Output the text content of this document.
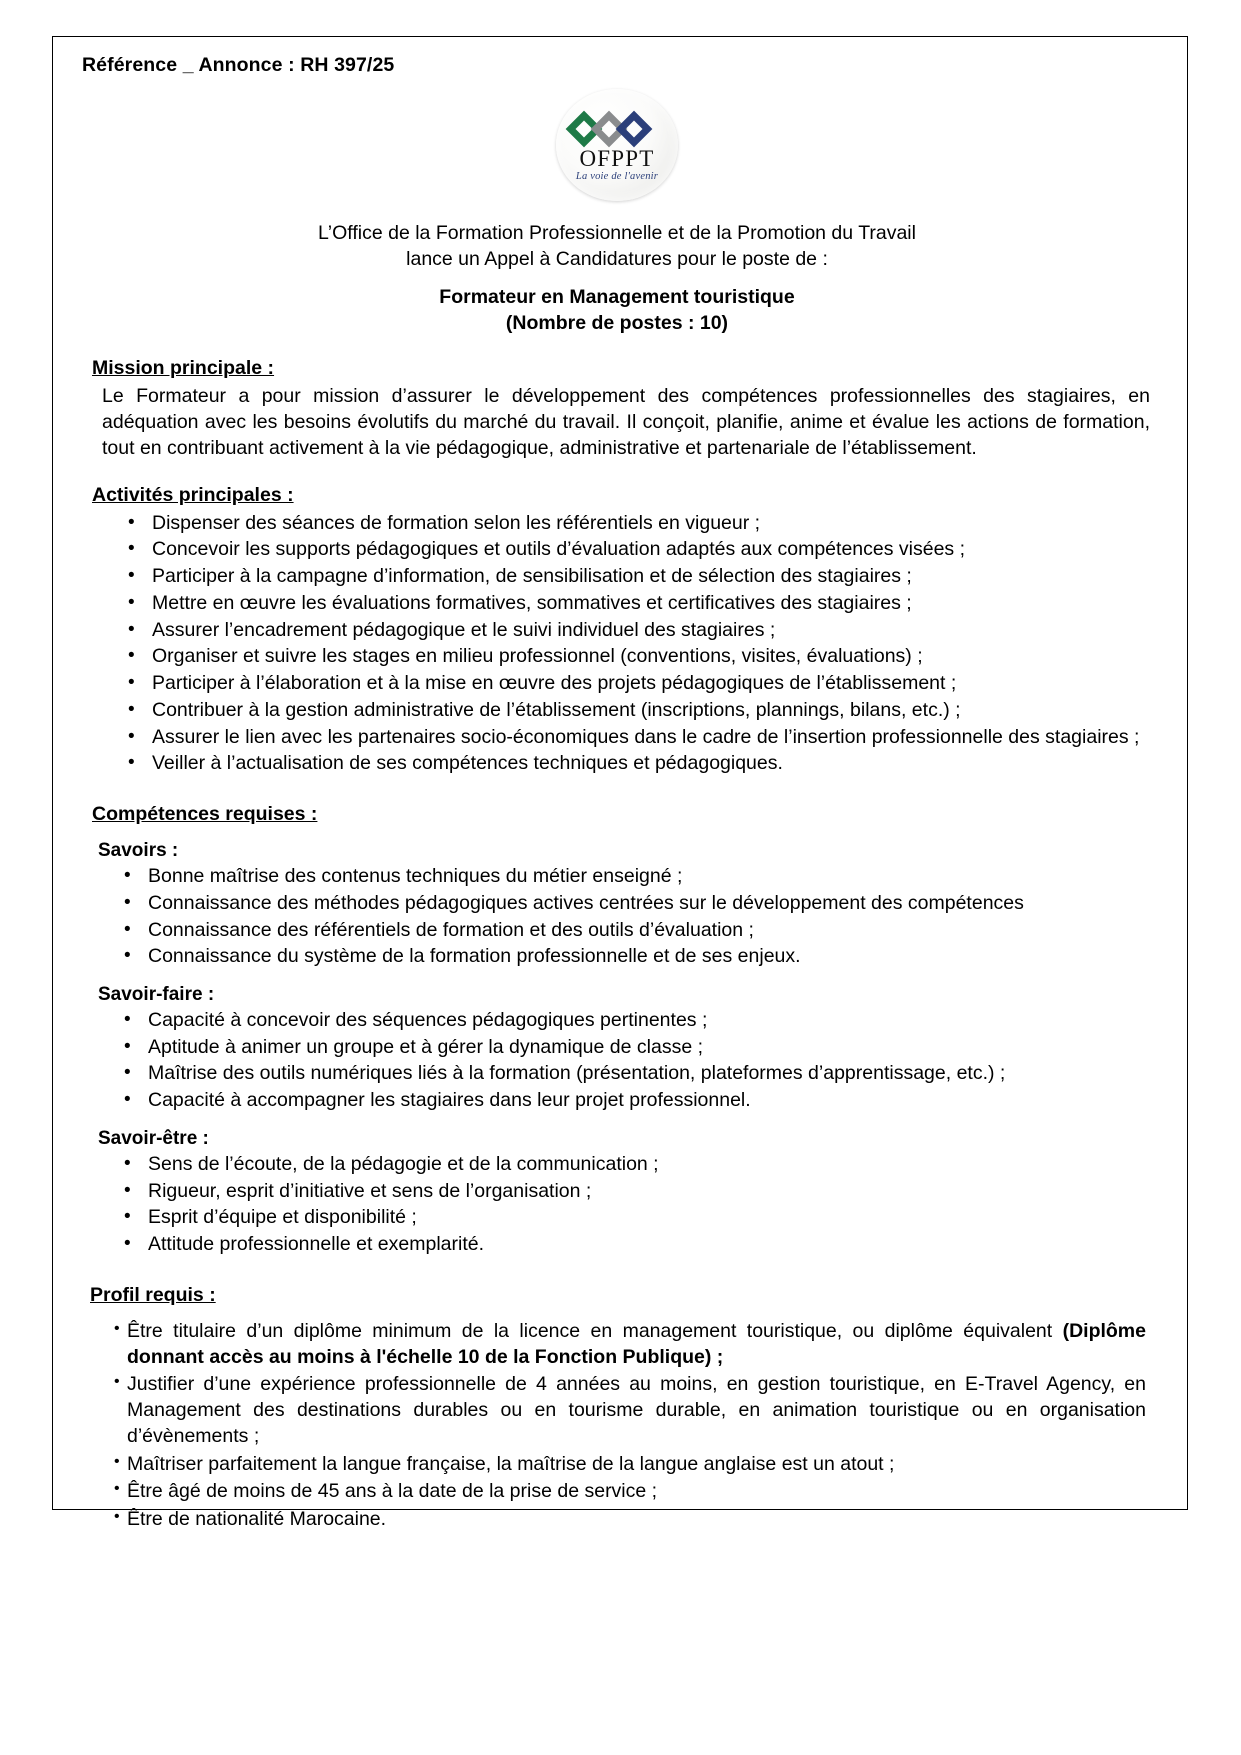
Référence _ Annonce : RH 397/25
OFPPT
La voie de l'avenir
L’Office de la Formation Professionnelle et de la Promotion du Travail
lance un Appel à Candidatures pour le poste de :
Formateur en Management touristique
(Nombre de postes : 10)
Mission principale :

Le Formateur a pour mission d’assurer le développement des compétences professionnelles des stagiaires, en adéquation avec les besoins évolutifs du marché du travail. Il conçoit, planifie, anime et évalue les actions de formation, tout en contribuant activement à la vie pédagogique, administrative et partenariale de l’établissement.

Activités principales :
• Dispenser des séances de formation selon les référentiels en vigueur ;
• Concevoir les supports pédagogiques et outils d’évaluation adaptés aux compétences visées ;
• Participer à la campagne d’information, de sensibilisation et de sélection des stagiaires ;
• Mettre en œuvre les évaluations formatives, sommatives et certificatives des stagiaires ;
• Assurer l’encadrement pédagogique et le suivi individuel des stagiaires ;
• Organiser et suivre les stages en milieu professionnel (conventions, visites, évaluations) ;
• Participer à l’élaboration et à la mise en œuvre des projets pédagogiques de l’établissement ;
• Contribuer à la gestion administrative de l’établissement (inscriptions, plannings, bilans, etc.) ;
• Assurer le lien avec les partenaires socio-économiques dans le cadre de l’insertion professionnelle des stagiaires ;
• Veiller à l’actualisation de ses compétences techniques et pédagogiques.
Compétences requises :
Savoirs :
• Bonne maîtrise des contenus techniques du métier enseigné ;
• Connaissance des méthodes pédagogiques actives centrées sur le développement des compétences
• Connaissance des référentiels de formation et des outils d’évaluation ;
• Connaissance du système de la formation professionnelle et de ses enjeux.
Savoir-faire :
• Capacité à concevoir des séquences pédagogiques pertinentes ;
• Aptitude à animer un groupe et à gérer la dynamique de classe ;
• Maîtrise des outils numériques liés à la formation (présentation, plateformes d’apprentissage, etc.) ;
• Capacité à accompagner les stagiaires dans leur projet professionnel.
Savoir-être :
• Sens de l’écoute, de la pédagogie et de la communication ;
• Rigueur, esprit d’initiative et sens de l’organisation ;
• Esprit d’équipe et disponibilité ;
• Attitude professionnelle et exemplarité.
Profil requis :
• Être titulaire d’un diplôme minimum de la licence en management touristique, ou diplôme équivalent (Diplôme donnant accès au moins à l'échelle 10 de la Fonction Publique) ;
• Justifier d’une expérience professionnelle de 4 années au moins, en gestion touristique, en E-Travel Agency, en Management des destinations durables ou en tourisme durable, en animation touristique ou en organisation d’évènements ;
• Maîtriser parfaitement la langue française, la maîtrise de la langue anglaise est un atout ;
• Être âgé de moins de 45 ans à la date de la prise de service ;
• Être de nationalité Marocaine.
